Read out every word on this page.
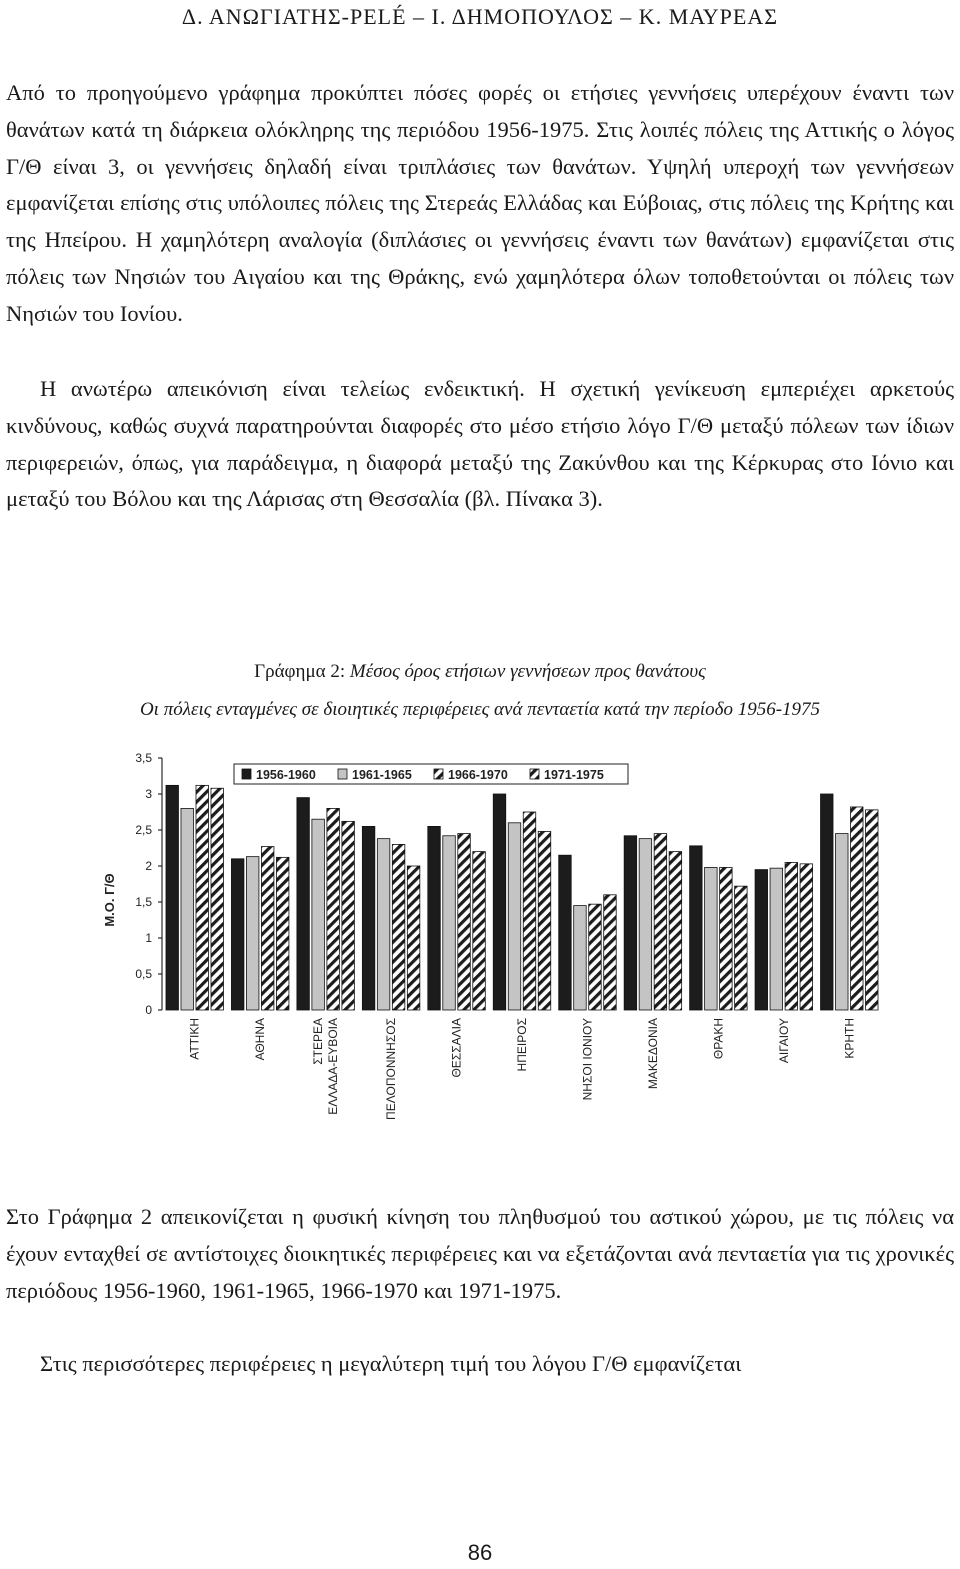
Δ. ΑΝΩΓΙΑΤΗΣ-PELÉ – Ι. ΔΗΜΟΠΟΥΛΟΣ – Κ. ΜΑΥΡΕΑΣ

Από το προηγούμενο γράφημα προκύπτει πόσες φορές οι ετήσιες γεννήσεις υπερέχουν έναντι των θανάτων κατά τη διάρκεια ολόκληρης της περιόδου 1956-1975. Στις λοιπές πόλεις της Αττικής ο λόγος Γ/Θ είναι 3, οι γεννήσεις δηλαδή είναι τριπλάσιες των θανάτων. Υψηλή υπεροχή των γεννήσεων εμφανίζεται επίσης στις υπόλοιπες πόλεις της Στερεάς Ελλάδας και Εύβοιας, στις πόλεις της Κρήτης και της Ηπείρου. Η χαμηλότερη αναλογία (διπλάσιες οι γεννήσεις έναντι των θανάτων) εμφανίζεται στις πόλεις των Νησιών του Αιγαίου και της Θράκης, ενώ χαμηλότερα όλων τοποθετούνται οι πόλεις των Νησιών του Ιονίου.

Η ανωτέρω απεικόνιση είναι τελείως ενδεικτική. Η σχετική γενίκευση εμπεριέχει αρκετούς κινδύνους, καθώς συχνά παρατηρούνται διαφορές στο μέσο ετήσιο λόγο Γ/Θ μεταξύ πόλεων των ίδιων περιφερειών, όπως, για παράδειγμα, η διαφορά μεταξύ της Ζακύνθου και της Κέρκυρας στο Ιόνιο και μεταξύ του Βόλου και της Λάρισας στη Θεσσαλία (βλ. Πίνακα 3).

Γράφημα 2: Μέσος όρος ετήσιων γεννήσεων προς θανάτους
Οι πόλεις ενταγμένες σε διοιητικές περιφέρειες ανά πενταετία κατά την περίοδο 1956-1975
0
0,5
1
1,5
2
2,5
3
3,5
Μ.Ο. Γ/Θ
1956-1960	1961-1965	1966-1970	1971-1975
ΑΤΤΙΚΗ	ΑΘΗΝΑ	ΣΤΕΡΕΑ ΕΛΛΑΔΑ-ΕΥΒΟΙΑ	ΠΕΛΟΠΟΝΝΗΣΟΣ	ΘΕΣΣΑΛΙΑ	ΗΠΕΙΡΟΣ	ΝΗΣΟΙ ΙΟΝΙΟΥ	ΜΑΚΕΔΟΝΙΑ	ΘΡΑΚΗ	ΑΙΓΑΙΟΥ	ΚΡΗΤΗ

Στο Γράφημα 2 απεικονίζεται η φυσική κίνηση του πληθυσμού του αστικού χώρου, με τις πόλεις να έχουν ενταχθεί σε αντίστοιχες διοικητικές περιφέρειες και να εξετάζονται ανά πενταετία για τις χρονικές περιόδους 1956-1960, 1961-1965, 1966-1970 και 1971-1975.

Στις περισσότερες περιφέρειες η μεγαλύτερη τιμή του λόγου Γ/Θ εμφανίζεται

86
